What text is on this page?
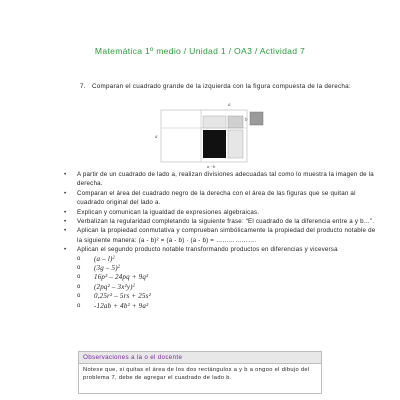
Matemática 1º medio / Unidad 1 / OA3 / Actividad 7
7. Comparan el cuadrado grande de la izquierda con la figura compuesta de la derecha:
a
a
b
a - b
• A partir de un cuadrado de lado a, realizan divisiones adecuadas tal como lo muestra la imagen de la derecha.
• Comparan el área del cuadrado negro de la derecha con el área de las figuras que se quitan al cuadrado original del lado a.
• Explican y comunican la igualdad de expresiones algebraicas.
• Verbalizan la regularidad completando la siguiente frase: “El cuadrado de la diferencia entre a y b…”.
• Aplican la propiedad conmutativa y comprueban simbólicamente la propiedad del producto notable de la siguiente manera: (a - b)² = (a - b) · (a - b) = ……………….
• Aplican el segundo producto notable transformando productos en diferencias y viceversa
o (a – l)$^2$
o (3g – 5)$^2$
o 16p² – 24pq + 9q²
o (2pq² – 3x²y)$^2$
o 0,25r² – 5rs + 25s²
o -12ab + 4b² + 9a²
Observaciones a la o el docente
Notese que, si quitas el área de los dos rectángulos a y b a ongoo el dibujo del problema 7, debe de agregar el cuadrado de lado b.
